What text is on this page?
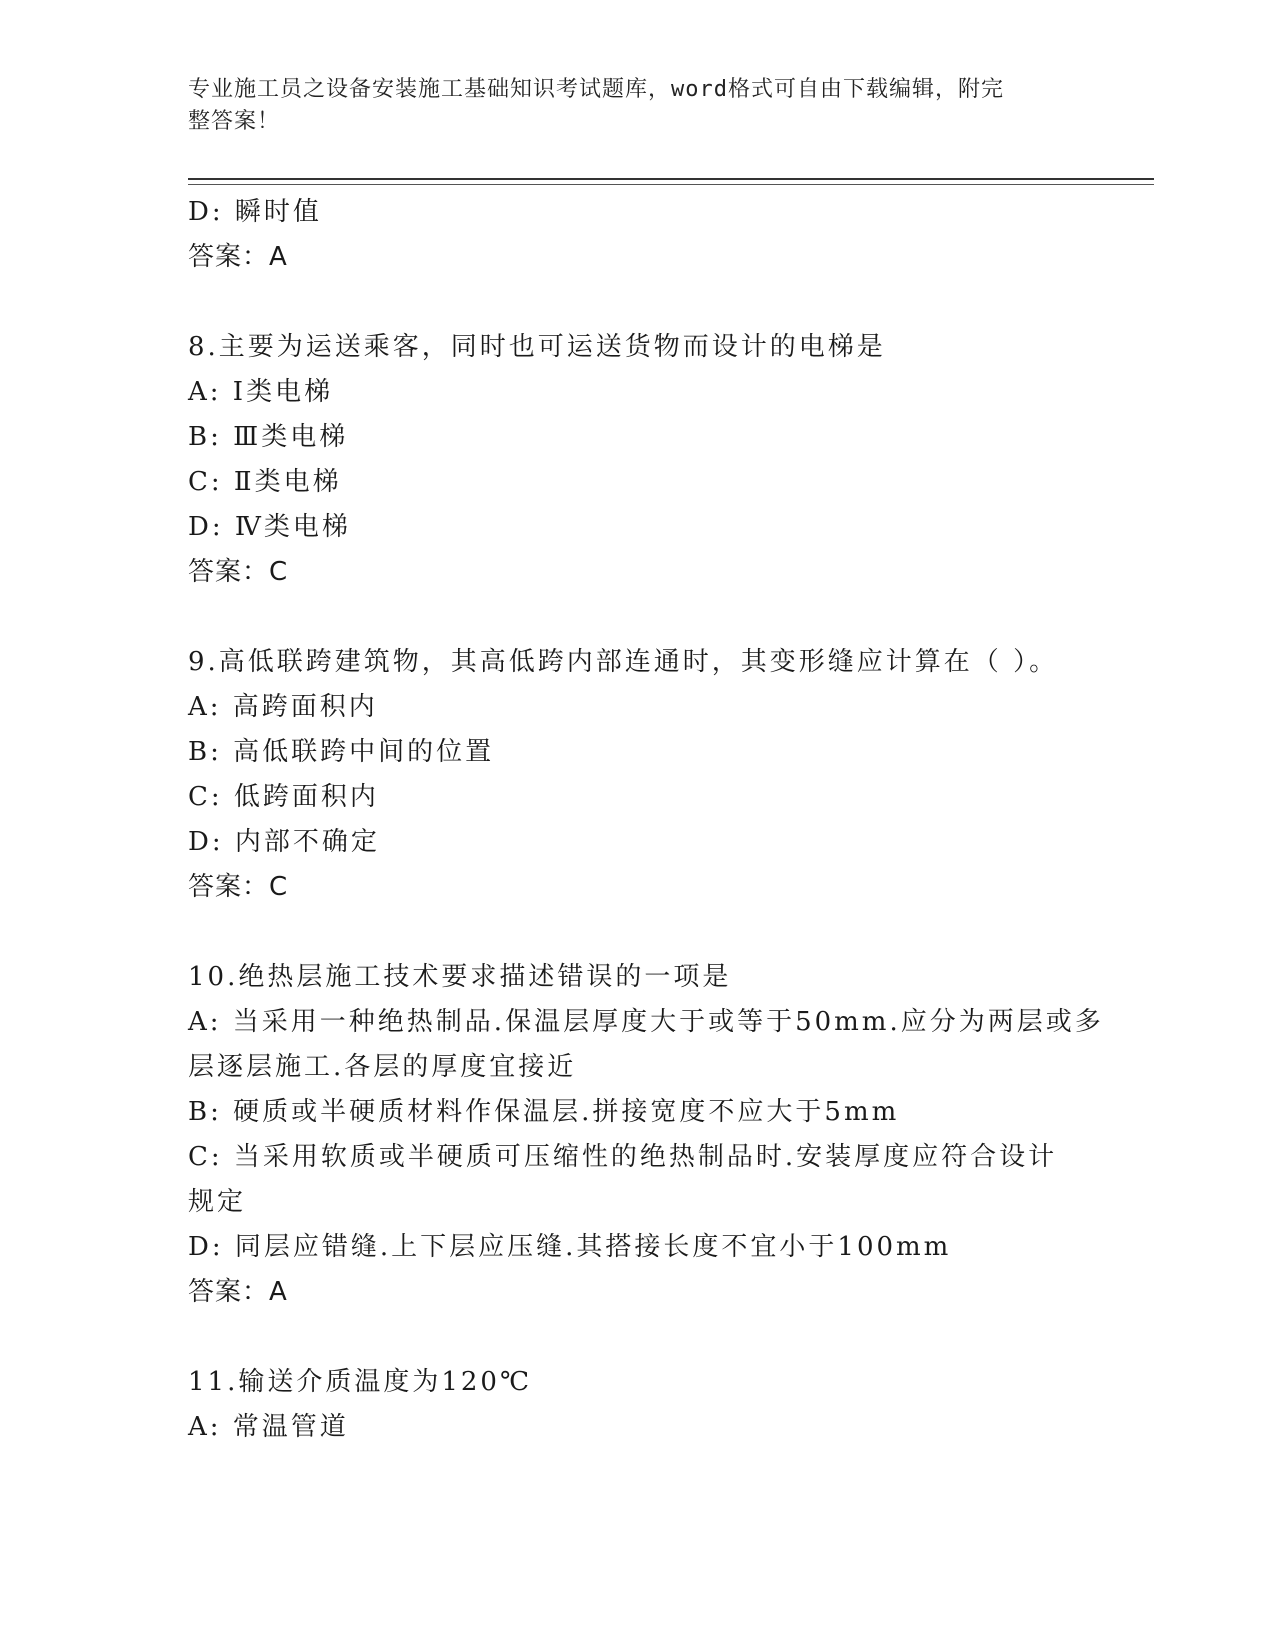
专业施工员之设备安装施工基础知识考试题库，word格式可自由下载编辑，附完
整答案！

D: 瞬时值

答案：A

8.主要为运送乘客，同时也可运送货物而设计的电梯是

A: Ⅰ类电梯

B: Ⅲ类电梯

C: Ⅱ类电梯

D: Ⅳ类电梯

答案：C

9.高低联跨建筑物，其高低跨内部连通时，其变形缝应计算在（ ）。

A: 高跨面积内

B: 高低联跨中间的位置

C: 低跨面积内

D: 内部不确定

答案：C

10.绝热层施工技术要求描述错误的一项是

A: 当采用一种绝热制品.保温层厚度大于或等于50mm.应分为两层或多

层逐层施工.各层的厚度宜接近

B: 硬质或半硬质材料作保温层.拼接宽度不应大于5mm

C: 当采用软质或半硬质可压缩性的绝热制品时.安装厚度应符合设计

规定

D: 同层应错缝.上下层应压缝.其搭接长度不宜小于100mm

答案：A

11.输送介质温度为120℃

A: 常温管道
